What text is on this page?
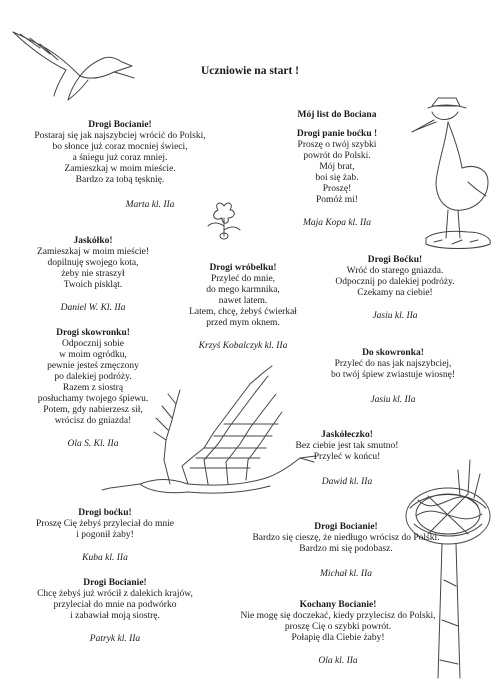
Uczniowie na start !
Drogi Bocianie!
Postaraj się jak najszybciej wrócić do Polski,
bo słonce już coraz mocniej świeci,
a śniegu już coraz mniej.
Zamieszkaj w moim mieście.
Bardzo za tobą tęsknię.
Marta kl. IIa
Jaskółko!
Zamieszkaj w moim mieście!
dopilnuję swojego kota,
żeby nie straszył
Twoich piskląt.
Daniel W. Kl. IIa
Drogi skowronku!
Odpocznij sobie
w moim ogródku,
pewnie jesteś zmęczony
po dalekiej podróży.
Razem z siostrą
posłuchamy twojego śpiewu.
Potem, gdy nabierzesz sił,
wrócisz do gniazda!
Ola S. Kl. IIa
Drogi boćku!
Proszę Cię żebyś przyleciał do mnie
i pogonił żaby!
Kuba kl. IIa
Drogi Bocianie!
Chcę żebyś już wrócił z dalekich krajów,
przyleciał do mnie na podwórko
i zabawiał moją siostrę.
Patryk kl. IIa
Mój list do Bociana
Drogi panie boćku !
Proszę o twój szybki
powrót do Polski.
Mój brat,
boi się żab.
Proszę!
Pomóż mi!
Maja Kopa kl. IIa
Drogi wróbelku!
Przyleć do mnie,
do mego karmnika,
nawet latem.
Latem, chcę, żebyś ćwierkał
przed mym oknem.
Krzyś Kobalczyk kl. IIa
Drogi Boćku!
Wróć do starego gniazda.
Odpocznij po dalekiej podróży.
Czekamy na ciebie!
Jasiu kl. IIa
Do skowronka!
Przyleć do nas jak najszybciej,
bo twój śpiew zwiastuje wiosnę!
Jasiu kl. IIa
Jaskółeczko!
Bez ciebie jest tak smutno!
Przyleć w końcu!
Dawid kl. IIa
Drogi Bocianie!
Bardzo się cieszę, że niedługo wrócisz do Polski.
Bardzo mi się podobasz.
Michał kl. IIa
Kochany Bocianie!
Nie mogę się doczekać, kiedy przylecisz do Polski,
proszę Cię o szybki powrót.
Połapię dla Ciebie żaby!
Ola kl. IIa
